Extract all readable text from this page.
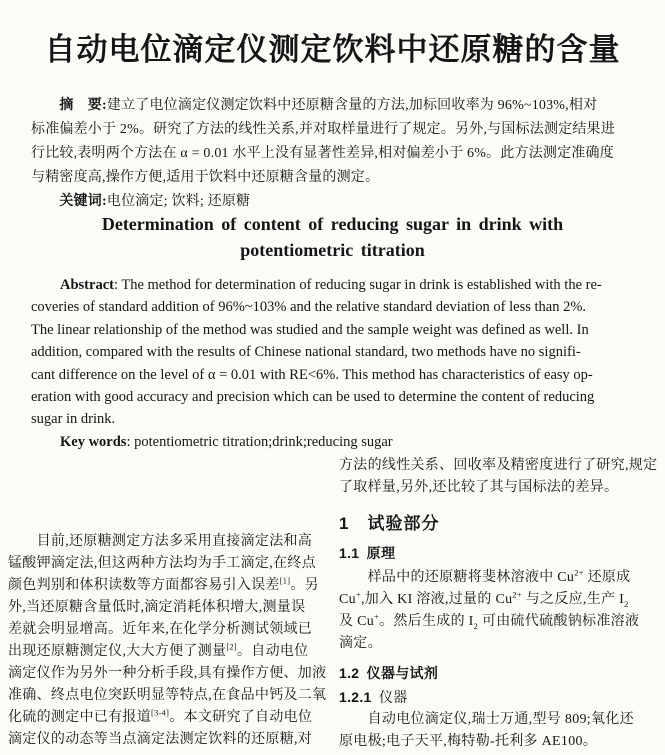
自动电位滴定仪测定饮料中还原糖的含量
　　摘　要:建立了电位滴定仪测定饮料中还原糖含量的方法,加标回收率为 96%~103%,相对
标准偏差小于 2%。研究了方法的线性关系,并对取样量进行了规定。另外,与国标法测定结果进
行比较,表明两个方法在 α = 0.01 水平上没有显著性差异,相对偏差小于 6%。此方法测定准确度
与精密度高,操作方便,适用于饮料中还原糖含量的测定。
　　关键词:电位滴定; 饮料; 还原糖
Determination of content of reducing sugar in drink with
potentiometric titration
　　Abstract: The method for determination of reducing sugar in drink is established with the re-
coveries of standard addition of 96%~103% and the relative standard deviation of less than 2%.
The linear relationship of the method was studied and the sample weight was defined as well. In
addition, compared with the results of Chinese national standard, two methods have no signifi-
cant difference on the level of α = 0.01 with RE<6%. This method has characteristics of easy op-
eration with good accuracy and precision which can be used to determine the content of reducing
sugar in drink.
　　Key words: potentiometric titration;drink;reducing sugar
　　目前,还原糖测定方法多采用直接滴定法和高
锰酸钾滴定法,但这两种方法均为手工滴定,在终点
颜色判别和体积读数等方面都容易引入误差[1]。另
外,当还原糖含量低时,滴定消耗体积增大,测量误
差就会明显增高。近年来,在化学分析测试领域已
出现还原糖测定仪,大大方便了测量[2]。自动电位
滴定仪作为另外一种分析手段,具有操作方便、加液
准确、终点电位突跃明显等特点,在食品中钙及二氧
化硫的测定中已有报道[3-4]。本文研究了自动电位
滴定仪的动态等当点滴定法测定饮料的还原糖,对
方法的线性关系、回收率及精密度进行了研究,规定
了取样量,另外,还比较了其与国标法的差异。
1　试验部分
1.1 原理
　　样品中的还原糖将斐林溶液中 $Cu^{2+}$ 还原成
Cu+,加入 KI 溶液,过量的 $Cu^{2+}$ 与之反应,生产 $I_2$
及 Cu+。然后生成的 $I_2$ 可由硫代硫酸钠标准溶液
滴定。
1.2 仪器与试剂
1.2.1 仪器
　　自动电位滴定仪,瑞士万通,型号 809;氧化还
原电极;电子天平,梅特勒-托利多 AE100。
